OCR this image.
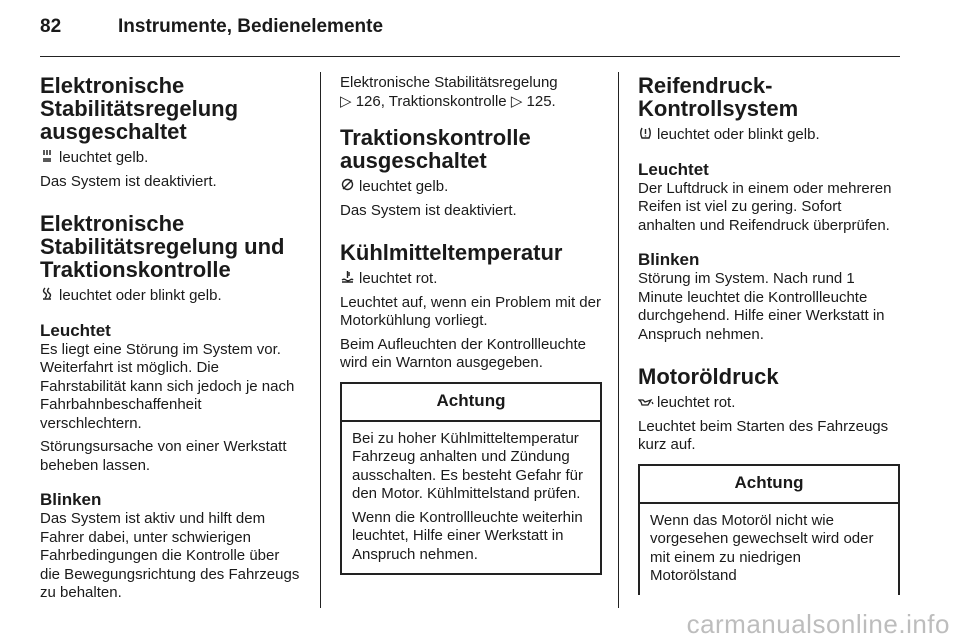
82	Instrumente, Bedienelemente
Elektronische Stabilitätsregelung ausgeschaltet

leuchtet gelb.

Das System ist deaktiviert.

Elektronische Stabilitätsregelung und Traktionskontrolle

leuchtet oder blinkt gelb.

Leuchtet

Es liegt eine Störung im System vor. Weiterfahrt ist möglich. Die Fahrstabilität kann sich jedoch je nach Fahrbahnbeschaffenheit verschlechtern.

Störungsursache von einer Werkstatt beheben lassen.

Blinken

Das System ist aktiv und hilft dem Fahrer dabei, unter schwierigen Fahrbedingungen die Kontrolle über die Bewegungsrichtung des Fahrzeugs zu behalten.

Elektronische Stabilitätsregelung
▷ 126, Traktionskontrolle ▷ 125.

Traktionskontrolle ausgeschaltet

leuchtet gelb.

Das System ist deaktiviert.

Kühlmitteltemperatur

leuchtet rot.

Leuchtet auf, wenn ein Problem mit der Motorkühlung vorliegt.

Beim Aufleuchten der Kontrollleuchte wird ein Warnton ausgegeben.

Achtung

Bei zu hoher Kühlmitteltemperatur Fahrzeug anhalten und Zündung ausschalten. Es besteht Gefahr für den Motor. Kühlmittelstand prüfen.

Wenn die Kontrollleuchte weiterhin leuchtet, Hilfe einer Werkstatt in Anspruch nehmen.

Reifendruck-Kontrollsystem

leuchtet oder blinkt gelb.

Leuchtet

Der Luftdruck in einem oder mehreren Reifen ist viel zu gering. Sofort anhalten und Reifendruck überprüfen.

Blinken

Störung im System. Nach rund 1 Minute leuchtet die Kontrollleuchte durchgehend. Hilfe einer Werkstatt in Anspruch nehmen.

Motoröldruck

leuchtet rot.

Leuchtet beim Starten des Fahrzeugs kurz auf.

Achtung

Wenn das Motoröl nicht wie vorgesehen gewechselt wird oder mit einem zu niedrigen Motorölstand

carmanualsonline.info
